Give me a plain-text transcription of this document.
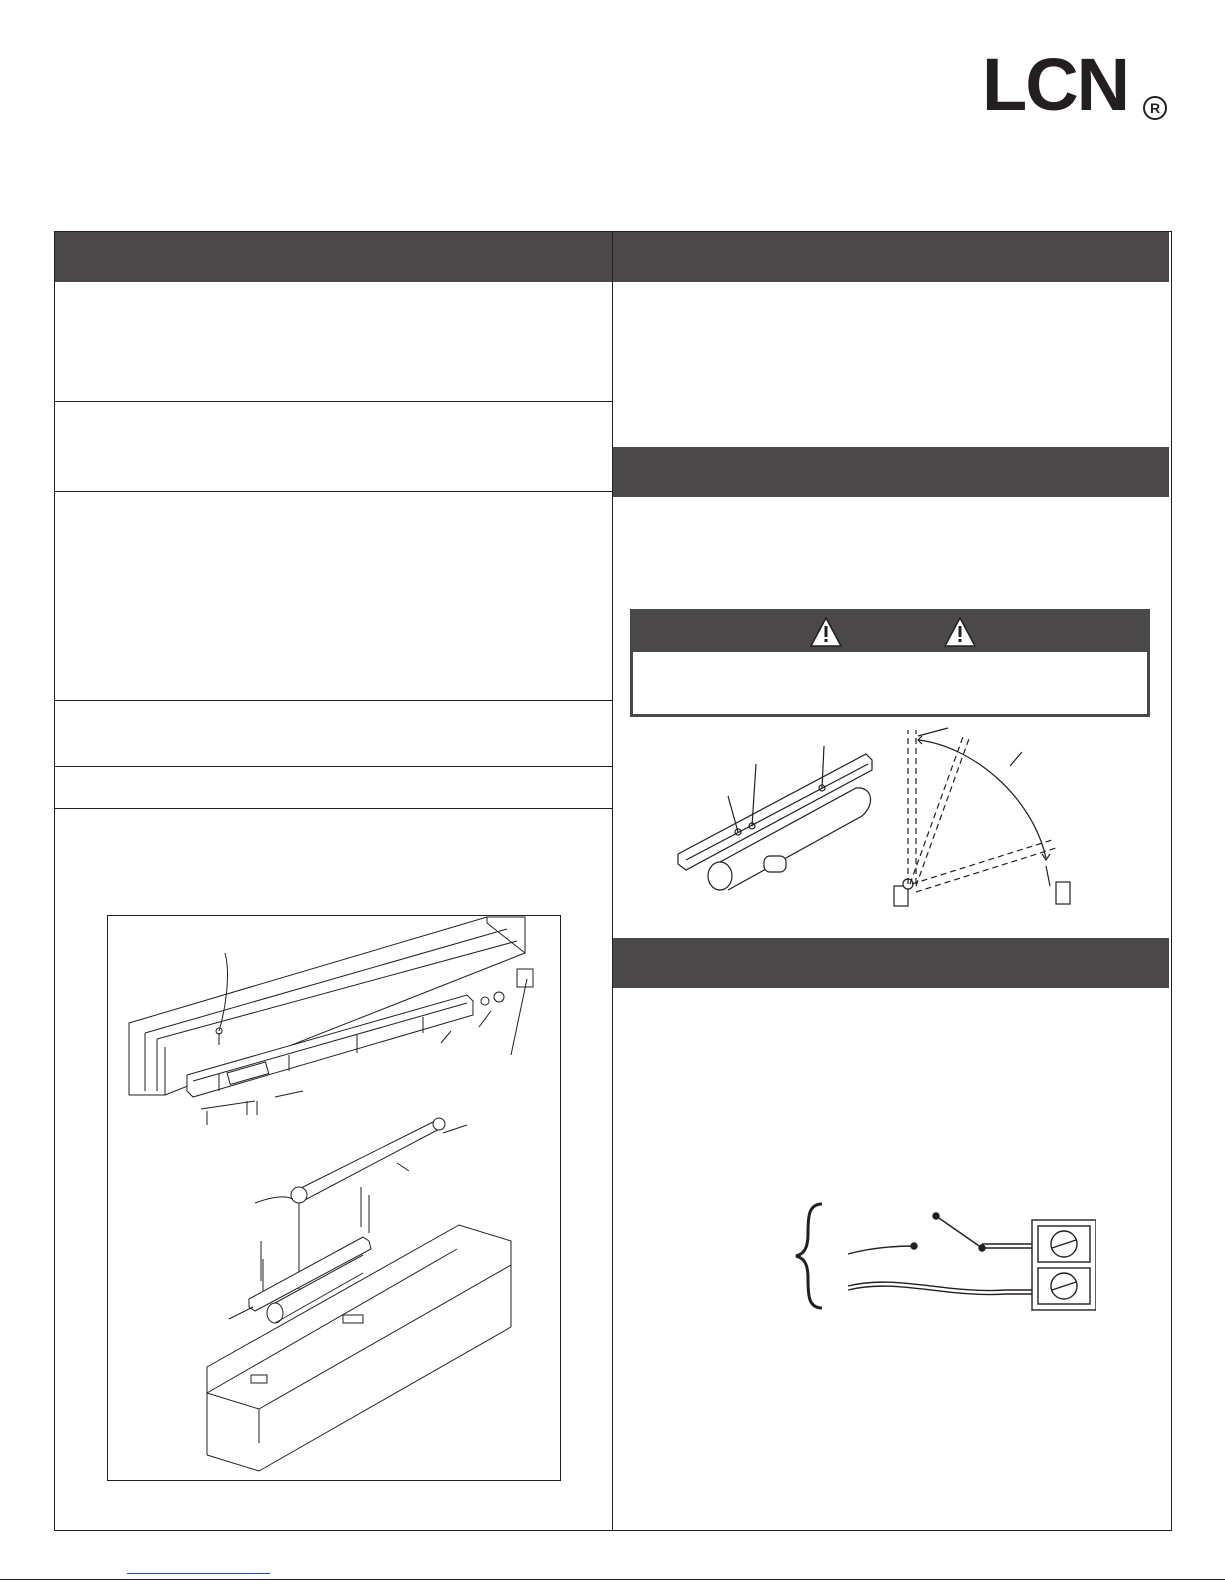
LCN	R
